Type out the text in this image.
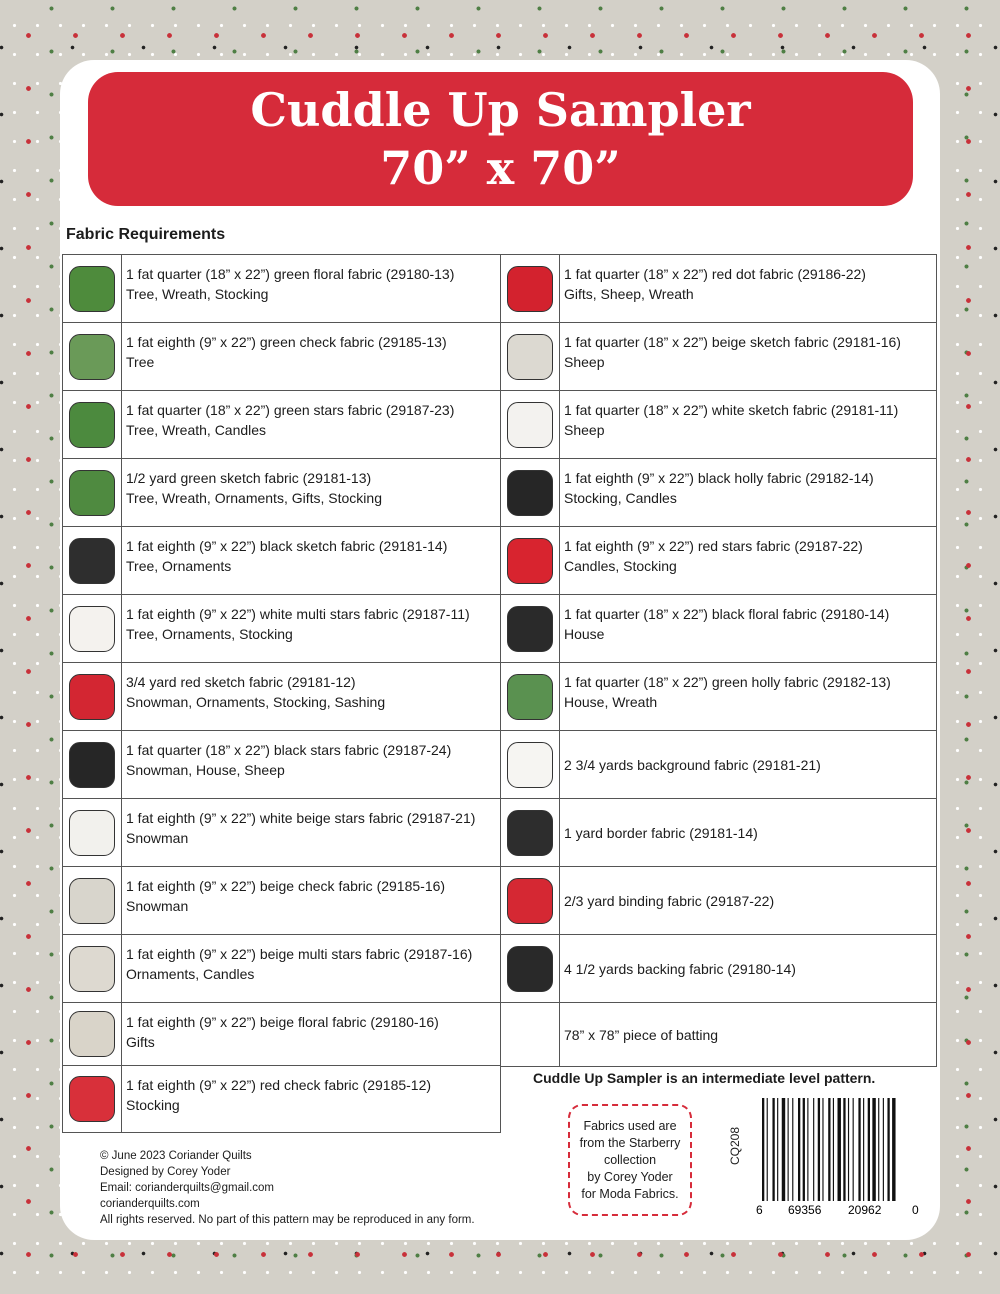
Cuddle Up Sampler
70” x 70”
Fabric Requirements

	1 fat quarter (18” x 22”) green floral fabric (29180-13)
Tree, Wreath, Stocking

	1 fat eighth (9” x 22”) green check fabric (29185-13)
Tree

	1 fat quarter (18” x 22”) green stars fabric (29187-23)
Tree, Wreath, Candles

	1/2 yard green sketch fabric (29181-13)
Tree, Wreath, Ornaments, Gifts, Stocking

	1 fat eighth (9” x 22”) black sketch fabric (29181-14)
Tree, Ornaments

	1 fat eighth (9” x 22”) white multi stars fabric (29187-11)
Tree, Ornaments, Stocking

	3/4 yard red sketch fabric (29181-12)
Snowman, Ornaments, Stocking, Sashing

	1 fat quarter (18” x 22”) black stars fabric (29187-24)
Snowman, House, Sheep

	1 fat eighth (9” x 22”) white beige stars fabric (29187-21)
Snowman

	1 fat eighth (9” x 22”) beige check fabric (29185-16)
Snowman

	1 fat eighth (9” x 22”) beige multi stars fabric (29187-16)
Ornaments, Candles

	1 fat eighth (9” x 22”) beige floral fabric (29180-16)
Gifts

	1 fat eighth (9” x 22”) red check fabric (29185-12)
Stocking

	1 fat quarter (18” x 22”) red dot fabric (29186-22)
Gifts, Sheep, Wreath

	1 fat quarter (18” x 22”) beige sketch fabric (29181-16)
Sheep

	1 fat quarter (18” x 22”) white sketch fabric (29181-11)
Sheep

	1 fat eighth (9” x 22”) black holly fabric (29182-14)
Stocking, Candles

	1 fat eighth (9” x 22”) red stars fabric (29187-22)
Candles, Stocking

	1 fat quarter (18” x 22”) black floral fabric (29180-14)
House

	1 fat quarter (18” x 22”) green holly fabric (29182-13)
House, Wreath

	2 3/4 yards background fabric (29181-21)

	1 yard border fabric (29181-14)

	2/3 yard binding fabric (29187-22)

	4 1/2 yards backing fabric (29180-14)

	78” x 78” piece of batting
Cuddle Up Sampler is an intermediate level pattern.
Fabrics used are
from the Starberry
collection
by Corey Yoder
for Moda Fabrics.
© June 2023 Coriander Quilts
Designed by Corey Yoder
Email: corianderquilts@gmail.com
corianderquilts.com
All rights reserved. No part of this pattern may be reproduced in any form.
CQ208
6 69356 20962	0
